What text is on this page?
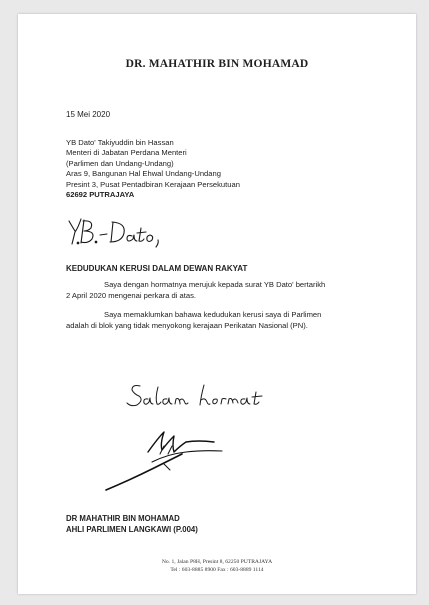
DR. MAHATHIR BIN MOHAMAD
15 Mei 2020
YB Dato' Takiyuddin bin Hassan
Menteri di Jabatan Perdana Menteri
(Parlimen dan Undang-Undang)
Aras 9, Bangunan Hal Ehwal Undang-Undang
Presint 3, Pusat Pentadbiran Kerajaan Persekutuan
62692 PUTRAJAYA
KEDUDUKAN KERUSI DALAM DEWAN RAKYAT
Saya dengan hormatnya merujuk kepada surat YB Dato' bertarikh
2 April 2020 mengenai perkara di atas.
Saya memaklumkan bahawa kedudukan kerusi saya di Parlimen
adalah di blok yang tidak menyokong kerajaan Perikatan Nasional (PN).
DR MAHATHIR BIN MOHAMAD
AHLI PARLIMEN LANGKAWI (P.004)
No. 1, Jalan P8H, Presint 8, 62250 PUTRAJAYA
Tel : 603-8885 8900 Fax : 603-8889 1114
